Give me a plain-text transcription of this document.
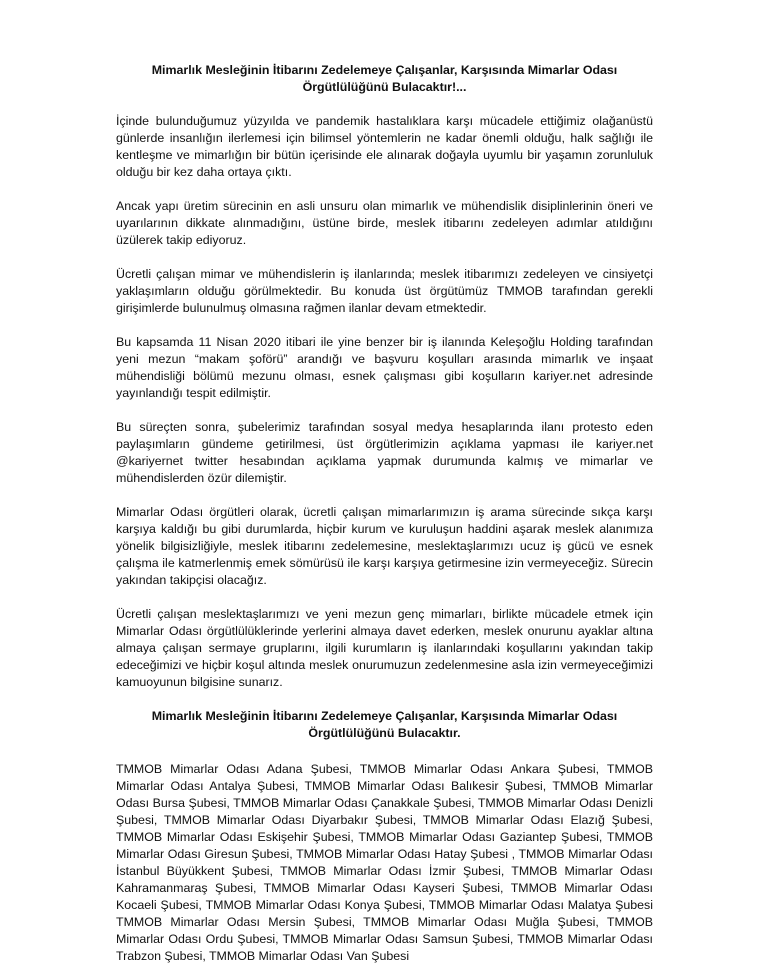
Mimarlık Mesleğinin İtibarını Zedelemeye Çalışanlar, Karşısında Mimarlar Odası
Örgütlülüğünü Bulacaktır!...

İçinde bulunduğumuz yüzyılda ve pandemik hastalıklara karşı mücadele ettiğimiz olağanüstü günlerde insanlığın ilerlemesi için bilimsel yöntemlerin ne kadar önemli olduğu, halk sağlığı ile kentleşme ve mimarlığın bir bütün içerisinde ele alınarak doğayla uyumlu bir yaşamın zorunluluk olduğu bir kez daha ortaya çıktı.

Ancak yapı üretim sürecinin en asli unsuru olan mimarlık ve mühendislik disiplinlerinin öneri ve uyarılarının dikkate alınmadığını, üstüne birde, meslek itibarını zedeleyen adımlar atıldığını üzülerek takip ediyoruz.

Ücretli çalışan mimar ve mühendislerin iş ilanlarında; meslek itibarımızı zedeleyen ve cinsiyetçi yaklaşımların olduğu görülmektedir. Bu konuda üst örgütümüz TMMOB tarafından gerekli girişimlerde bulunulmuş olmasına rağmen ilanlar devam etmektedir.

Bu kapsamda 11 Nisan 2020 itibari ile yine benzer bir iş ilanında Keleşoğlu Holding tarafından yeni mezun “makam şoförü” arandığı ve başvuru koşulları arasında mimarlık ve inşaat mühendisliği bölümü mezunu olması, esnek çalışması gibi koşulların kariyer.net adresinde yayınlandığı tespit edilmiştir.

Bu süreçten sonra, şubelerimiz tarafından sosyal medya hesaplarında ilanı protesto eden paylaşımların gündeme getirilmesi, üst örgütlerimizin açıklama yapması ile kariyer.net @kariyernet twitter hesabından açıklama yapmak durumunda kalmış ve mimarlar ve mühendislerden özür dilemiştir.

Mimarlar Odası örgütleri olarak, ücretli çalışan mimarlarımızın iş arama sürecinde sıkça karşı karşıya kaldığı bu gibi durumlarda, hiçbir kurum ve kuruluşun haddini aşarak meslek alanımıza yönelik bilgisizliğiyle, meslek itibarını zedelemesine, meslektaşlarımızı ucuz iş gücü ve esnek çalışma ile katmerlenmiş emek sömürüsü ile karşı karşıya getirmesine izin vermeyeceğiz. Sürecin yakından takipçisi olacağız.

Ücretli çalışan meslektaşlarımızı ve yeni mezun genç mimarları, birlikte mücadele etmek için Mimarlar Odası örgütlülüklerinde yerlerini almaya davet ederken, meslek onurunu ayaklar altına almaya çalışan sermaye gruplarını, ilgili kurumların iş ilanlarındaki koşullarını yakından takip edeceğimizi ve hiçbir koşul altında meslek onurumuzun zedelenmesine asla izin vermeyeceğimizi kamuoyunun bilgisine sunarız.

Mimarlık Mesleğinin İtibarını Zedelemeye Çalışanlar, Karşısında Mimarlar Odası
Örgütlülüğünü Bulacaktır.

TMMOB Mimarlar Odası Adana Şubesi, TMMOB Mimarlar Odası Ankara Şubesi, TMMOB Mimarlar Odası Antalya Şubesi, TMMOB Mimarlar Odası Balıkesir Şubesi, TMMOB Mimarlar Odası Bursa Şubesi, TMMOB Mimarlar Odası Çanakkale Şubesi, TMMOB Mimarlar Odası Denizli Şubesi, TMMOB Mimarlar Odası Diyarbakır Şubesi, TMMOB Mimarlar Odası Elazığ Şubesi, TMMOB Mimarlar Odası Eskişehir Şubesi, TMMOB Mimarlar Odası Gaziantep Şubesi, TMMOB Mimarlar Odası Giresun Şubesi, TMMOB Mimarlar Odası Hatay Şubesi , TMMOB Mimarlar Odası İstanbul Büyükkent Şubesi, TMMOB Mimarlar Odası İzmir Şubesi, TMMOB Mimarlar Odası Kahramanmaraş Şubesi, TMMOB Mimarlar Odası Kayseri Şubesi, TMMOB Mimarlar Odası Kocaeli Şubesi, TMMOB Mimarlar Odası Konya Şubesi, TMMOB Mimarlar Odası Malatya Şubesi TMMOB Mimarlar Odası Mersin Şubesi, TMMOB Mimarlar Odası Muğla Şubesi, TMMOB Mimarlar Odası Ordu Şubesi, TMMOB Mimarlar Odası Samsun Şubesi, TMMOB Mimarlar Odası Trabzon Şubesi, TMMOB Mimarlar Odası Van Şubesi
